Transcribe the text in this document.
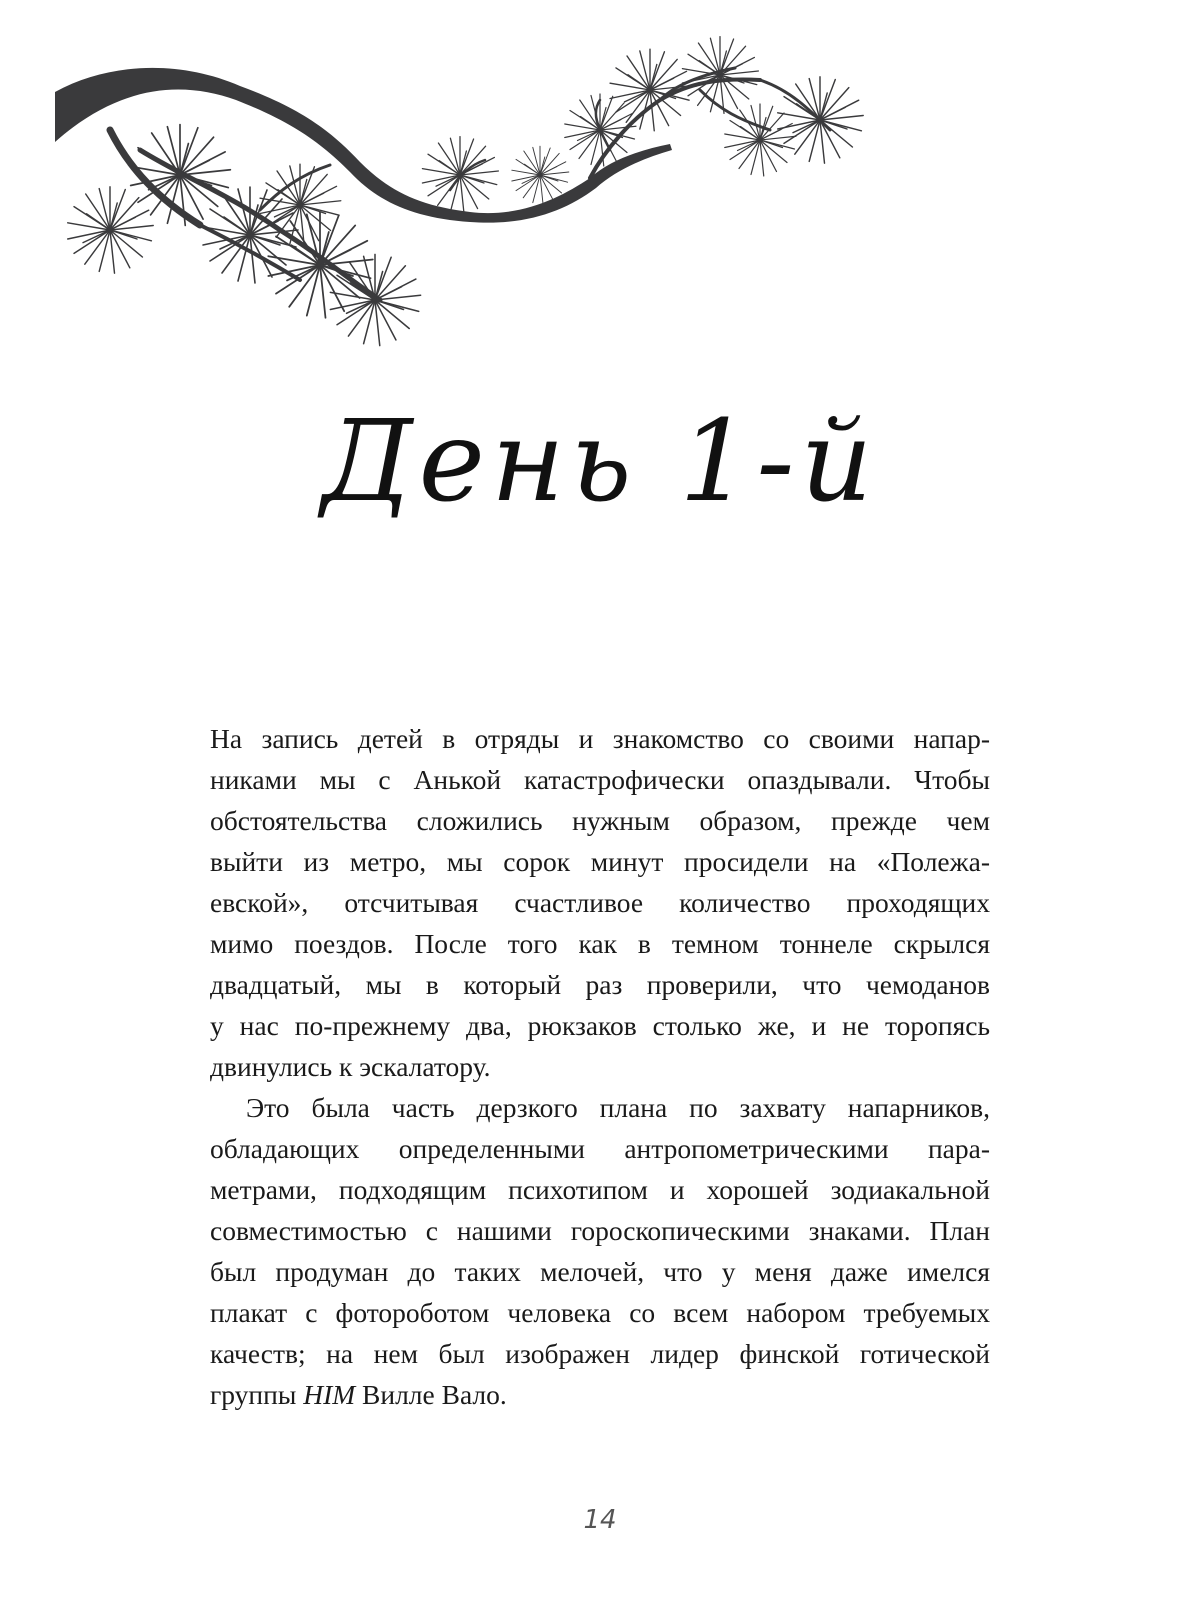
День 1-й

На запись детей в отряды и знакомство со своими напар-
никами мы с Анькой катастрофически опаздывали. Чтобы
обстоятельства сложились нужным образом, прежде чем
выйти из метро, мы сорок минут просидели на «Полежа-
евской», отсчитывая счастливое количество проходящих
мимо поездов. После того как в темном тоннеле скрылся
двадцатый, мы в который раз проверили, что чемоданов
у нас по-прежнему два, рюкзаков столько же, и не торопясь
двинулись к эскалатору.

Это была часть дерзкого плана по захвату напарников,
обладающих определенными антропометрическими пара-
метрами, подходящим психотипом и хорошей зодиакальной
совместимостью с нашими гороскопическими знаками. План
был продуман до таких мелочей, что у меня даже имелся
плакат с фотороботом человека со всем набором требуемых
качеств; на нем был изображен лидер финской готической
группы HIM Вилле Вало.

14
